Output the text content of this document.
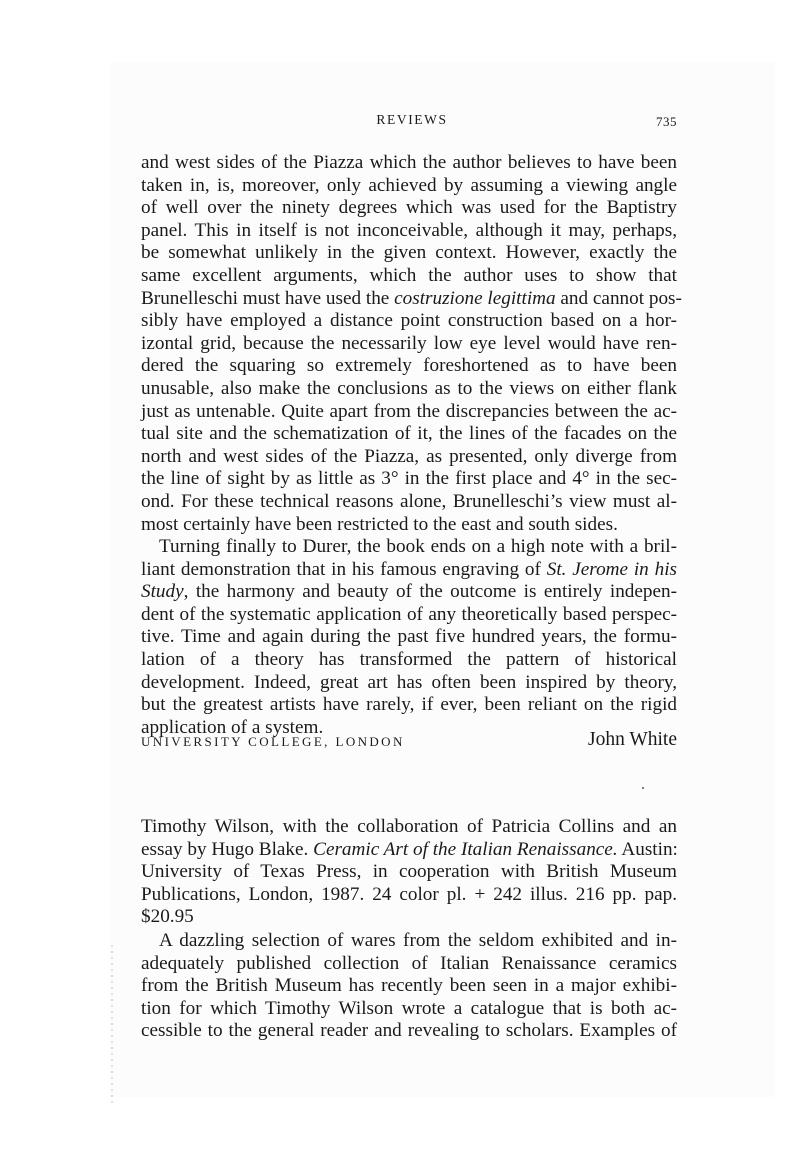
REVIEWS	735
and west sides of the Piazza which the author believes to have been
taken in, is, moreover, only achieved by assuming a viewing angle
of well over the ninety degrees which was used for the Baptistry
panel. This in itself is not inconceivable, although it may, perhaps,
be somewhat unlikely in the given context. However, exactly the
same excellent arguments, which the author uses to show that
Brunelleschi must have used the costruzione legittima and cannot pos-
sibly have employed a distance point construction based on a hor-
izontal grid, because the necessarily low eye level would have ren-
dered the squaring so extremely foreshortened as to have been
unusable, also make the conclusions as to the views on either flank
just as untenable. Quite apart from the discrepancies between the ac-
tual site and the schematization of it, the lines of the facades on the
north and west sides of the Piazza, as presented, only diverge from
the line of sight by as little as 3° in the first place and 4° in the sec-
ond. For these technical reasons alone, Brunelleschi’s view must al-
most certainly have been restricted to the east and south sides.
Turning finally to Durer, the book ends on a high note with a bril-
liant demonstration that in his famous engraving of St. Jerome in his
Study, the harmony and beauty of the outcome is entirely indepen-
dent of the systematic application of any theoretically based perspec-
tive. Time and again during the past five hundred years, the formu-
lation of a theory has transformed the pattern of historical
development. Indeed, great art has often been inspired by theory,
but the greatest artists have rarely, if ever, been reliant on the rigid
application of a system.
UNIVERSITY COLLEGE, LONDON	John White
Timothy Wilson, with the collaboration of Patricia Collins and an
essay by Hugo Blake. Ceramic Art of the Italian Renaissance. Austin:
University of Texas Press, in cooperation with British Museum
Publications, London, 1987. 24 color pl. + 242 illus. 216 pp. pap.
$20.95
A dazzling selection of wares from the seldom exhibited and in-
adequately published collection of Italian Renaissance ceramics
from the British Museum has recently been seen in a major exhibi-
tion for which Timothy Wilson wrote a catalogue that is both ac-
cessible to the general reader and revealing to scholars. Examples of
